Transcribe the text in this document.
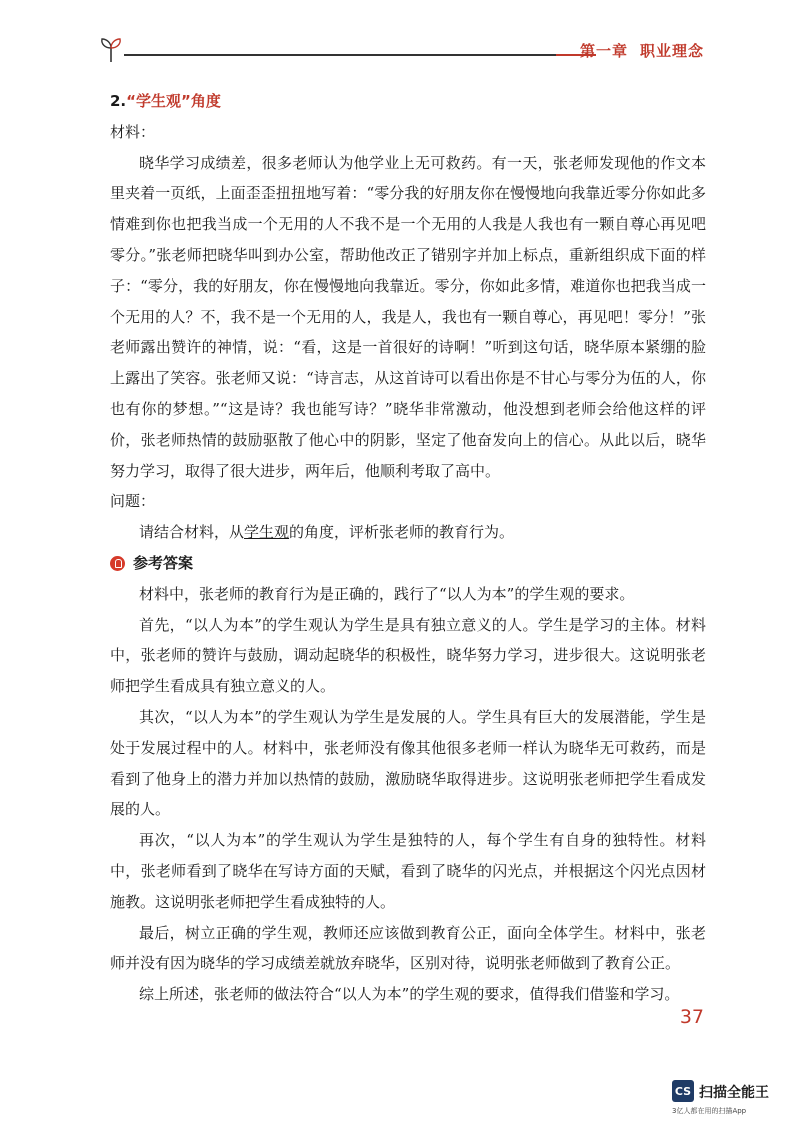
第一章 职业理念

2.“学生观”角度

材料：

晓华学习成绩差，很多老师认为他学业上无可救药。有一天，张老师发现他的作文本里夹着一页纸，上面歪歪扭扭地写着：“零分我的好朋友你在慢慢地向我靠近零分你如此多情难到你也把我当成一个无用的人不我不是一个无用的人我是人我也有一颗自尊心再见吧零分。”张老师把晓华叫到办公室，帮助他改正了错别字并加上标点，重新组织成下面的样子：“零分，我的好朋友，你在慢慢地向我靠近。零分，你如此多情，难道你也把我当成一个无用的人？不，我不是一个无用的人，我是人，我也有一颗自尊心，再见吧！零分！”张老师露出赞许的神情，说：“看，这是一首很好的诗啊！”听到这句话，晓华原本紧绷的脸上露出了笑容。张老师又说：“诗言志，从这首诗可以看出你是不甘心与零分为伍的人，你也有你的梦想。”“这是诗？我也能写诗？”晓华非常激动，他没想到老师会给他这样的评价，张老师热情的鼓励驱散了他心中的阴影，坚定了他奋发向上的信心。从此以后，晓华努力学习，取得了很大进步，两年后，他顺利考取了高中。

问题：

请结合材料，从学生观的角度，评析张老师的教育行为。

参考答案

材料中，张老师的教育行为是正确的，践行了“以人为本”的学生观的要求。

首先，“以人为本”的学生观认为学生是具有独立意义的人。学生是学习的主体。材料中，张老师的赞许与鼓励，调动起晓华的积极性，晓华努力学习，进步很大。这说明张老师把学生看成具有独立意义的人。

其次，“以人为本”的学生观认为学生是发展的人。学生具有巨大的发展潜能，学生是处于发展过程中的人。材料中，张老师没有像其他很多老师一样认为晓华无可救药，而是看到了他身上的潜力并加以热情的鼓励，激励晓华取得进步。这说明张老师把学生看成发展的人。

再次，“以人为本”的学生观认为学生是独特的人，每个学生有自身的独特性。材料中，张老师看到了晓华在写诗方面的天赋，看到了晓华的闪光点，并根据这个闪光点因材施教。这说明张老师把学生看成独特的人。

最后，树立正确的学生观，教师还应该做到教育公正，面向全体学生。材料中，张老师并没有因为晓华的学习成绩差就放弃晓华，区别对待，说明张老师做到了教育公正。

综上所述，张老师的做法符合“以人为本”的学生观的要求，值得我们借鉴和学习。

37
CS 扫描全能王
3亿人都在用的扫描App
